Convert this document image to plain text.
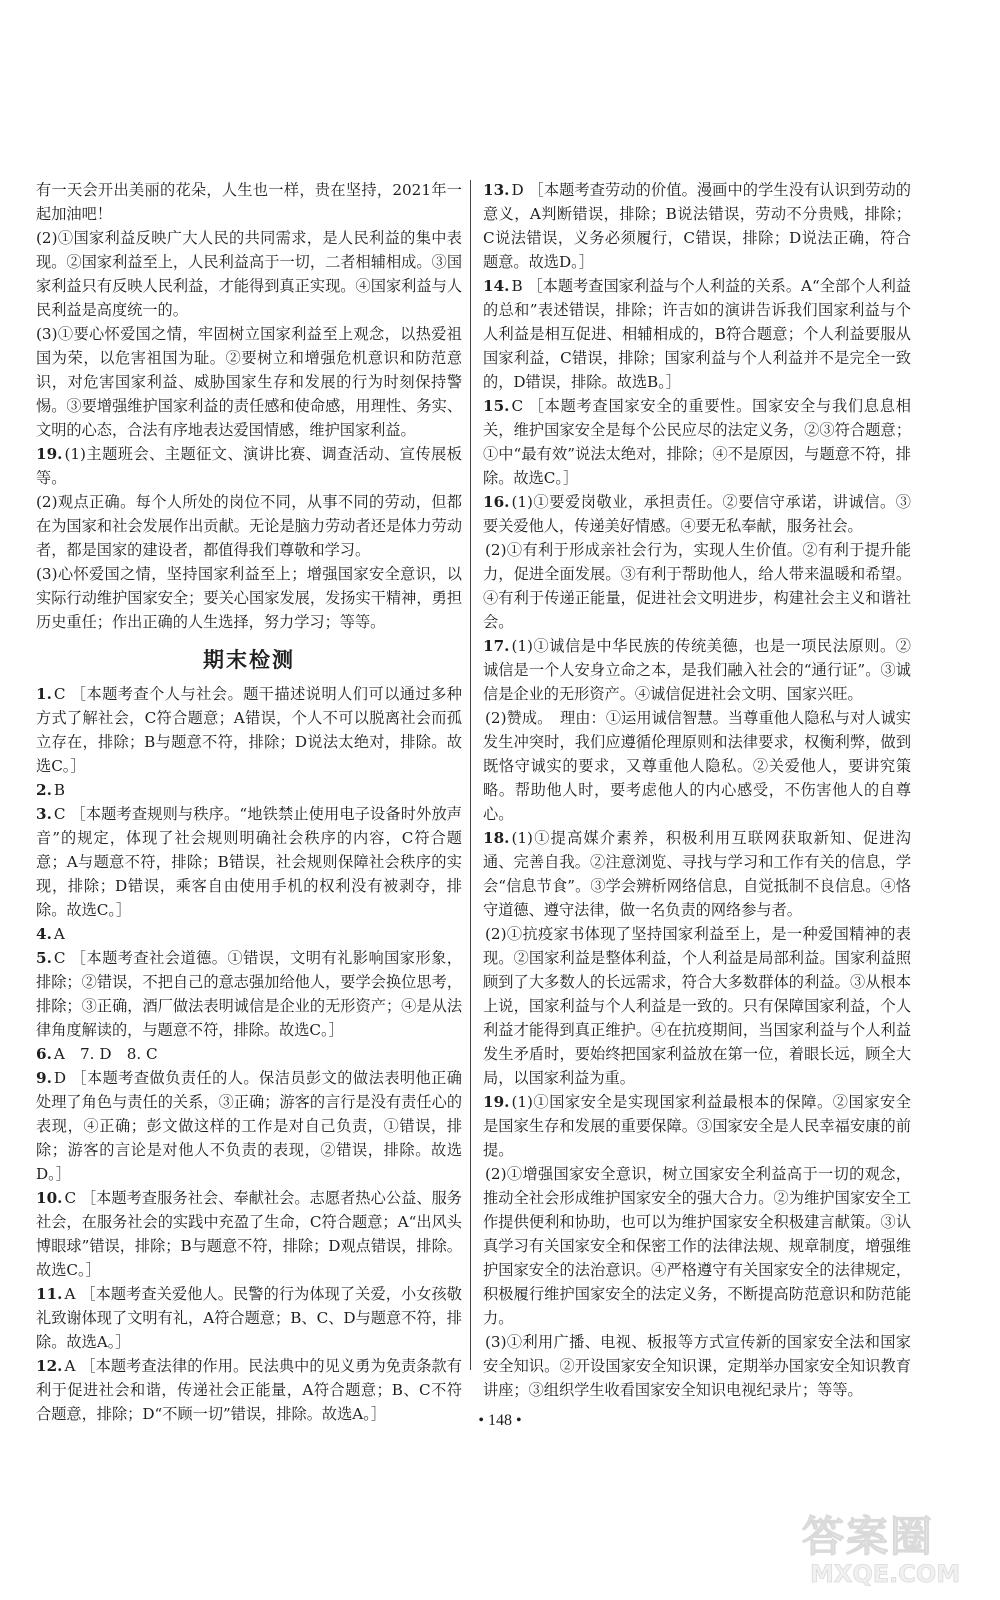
有一天会开出美丽的花朵，人生也一样，贵在坚持，2021年一起加油吧！

(2)①国家利益反映广大人民的共同需求，是人民利益的集中表现。②国家利益至上，人民利益高于一切，二者相辅相成。③国家利益只有反映人民利益，才能得到真正实现。④国家利益与人民利益是高度统一的。

(3)①要心怀爱国之情，牢固树立国家利益至上观念，以热爱祖国为荣，以危害祖国为耻。②要树立和增强危机意识和防范意识，对危害国家利益、威胁国家生存和发展的行为时刻保持警惕。③要增强维护国家利益的责任感和使命感，用理性、务实、文明的心态，合法有序地表达爱国情感，维护国家利益。

19. (1)主题班会、主题征文、演讲比赛、调查活动、宣传展板等。

(2)观点正确。每个人所处的岗位不同，从事不同的劳动，但都在为国家和社会发展作出贡献。无论是脑力劳动者还是体力劳动者，都是国家的建设者，都值得我们尊敬和学习。

(3)心怀爱国之情，坚持国家利益至上；增强国家安全意识，以实际行动维护国家安全；要关心国家发展，发扬实干精神，勇担历史重任；作出正确的人生选择，努力学习；等等。

期末检测

1. C ［本题考查个人与社会。题干描述说明人们可以通过多种方式了解社会，C符合题意；A错误，个人不可以脱离社会而孤立存在，排除；B与题意不符，排除；D说法太绝对，排除。故选C。］

2. B

3. C ［本题考查规则与秩序。“地铁禁止使用电子设备时外放声音”的规定，体现了社会规则明确社会秩序的内容，C符合题意；A与题意不符，排除；B错误，社会规则保障社会秩序的实现，排除；D错误，乘客自由使用手机的权利没有被剥夺，排除。故选C。］

4. A

5. C ［本题考查社会道德。①错误，文明有礼影响国家形象，排除；②错误，不把自己的意志强加给他人，要学会换位思考，排除；③正确，酒厂做法表明诚信是企业的无形资产；④是从法律角度解读的，与题意不符，排除。故选C。］

6. A　7. D　8. C

9. D ［本题考查做负责任的人。保洁员彭文的做法表明他正确处理了角色与责任的关系，③正确；游客的言行是没有责任心的表现，④正确；彭文做这样的工作是对自己负责，①错误，排除；游客的言论是对他人不负责的表现，②错误，排除。故选D。］

10. C ［本题考查服务社会、奉献社会。志愿者热心公益、服务社会，在服务社会的实践中充盈了生命，C符合题意；A“出风头博眼球”错误，排除；B与题意不符，排除；D观点错误，排除。故选C。］

11. A ［本题考查关爱他人。民警的行为体现了关爱，小女孩敬礼致谢体现了文明有礼，A符合题意；B、C、D与题意不符，排除。故选A。］

12. A ［本题考查法律的作用。民法典中的见义勇为免责条款有利于促进社会和谐，传递社会正能量，A符合题意；B、C不符合题意，排除；D“不顾一切”错误，排除。故选A。］

13. D ［本题考查劳动的价值。漫画中的学生没有认识到劳动的意义，A判断错误，排除；B说法错误，劳动不分贵贱，排除；C说法错误，义务必须履行，C错误，排除；D说法正确，符合题意。故选D。］

14. B ［本题考查国家利益与个人利益的关系。A“全部个人利益的总和”表述错误，排除；许吉如的演讲告诉我们国家利益与个人利益是相互促进、相辅相成的，B符合题意；个人利益要服从国家利益，C错误，排除；国家利益与个人利益并不是完全一致的，D错误，排除。故选B。］

15. C ［本题考查国家安全的重要性。国家安全与我们息息相关，维护国家安全是每个公民应尽的法定义务，②③符合题意；①中“最有效”说法太绝对，排除；④不是原因，与题意不符，排除。故选C。］

16. (1)①要爱岗敬业，承担责任。②要信守承诺，讲诚信。③要关爱他人，传递美好情感。④要无私奉献，服务社会。

(2)①有利于形成亲社会行为，实现人生价值。②有利于提升能力，促进全面发展。③有利于帮助他人，给人带来温暖和希望。④有利于传递正能量，促进社会文明进步，构建社会主义和谐社会。

17. (1)①诚信是中华民族的传统美德，也是一项民法原则。②诚信是一个人安身立命之本，是我们融入社会的“通行证”。③诚信是企业的无形资产。④诚信促进社会文明、国家兴旺。

(2)赞成。　理由：①运用诚信智慧。当尊重他人隐私与对人诚实发生冲突时，我们应遵循伦理原则和法律要求，权衡利弊，做到既恪守诚实的要求，又尊重他人隐私。②关爱他人，要讲究策略。帮助他人时，要考虑他人的内心感受，不伤害他人的自尊心。

18. (1)①提高媒介素养，积极利用互联网获取新知、促进沟通、完善自我。②注意浏览、寻找与学习和工作有关的信息，学会“信息节食”。③学会辨析网络信息，自觉抵制不良信息。④恪守道德、遵守法律，做一名负责的网络参与者。

(2)①抗疫家书体现了坚持国家利益至上，是一种爱国精神的表现。②国家利益是整体利益，个人利益是局部利益。国家利益照顾到了大多数人的长远需求，符合大多数群体的利益。③从根本上说，国家利益与个人利益是一致的。只有保障国家利益，个人利益才能得到真正维护。④在抗疫期间，当国家利益与个人利益发生矛盾时，要始终把国家利益放在第一位，着眼长远，顾全大局，以国家利益为重。

19. (1)①国家安全是实现国家利益最根本的保障。②国家安全是国家生存和发展的重要保障。③国家安全是人民幸福安康的前提。

(2)①增强国家安全意识，树立国家安全利益高于一切的观念，推动全社会形成维护国家安全的强大合力。②为维护国家安全工作提供便利和协助，也可以为维护国家安全积极建言献策。③认真学习有关国家安全和保密工作的法律法规、规章制度，增强维护国家安全的法治意识。④严格遵守有关国家安全的法律规定，积极履行维护国家安全的法定义务，不断提高防范意识和防范能力。

(3)①利用广播、电视、板报等方式宣传新的国家安全法和国家安全知识。②开设国家安全知识课，定期举办国家安全知识教育讲座；③组织学生收看国家安全知识电视纪录片；等等。

• 148 •
答案圈
MXQE.COM
